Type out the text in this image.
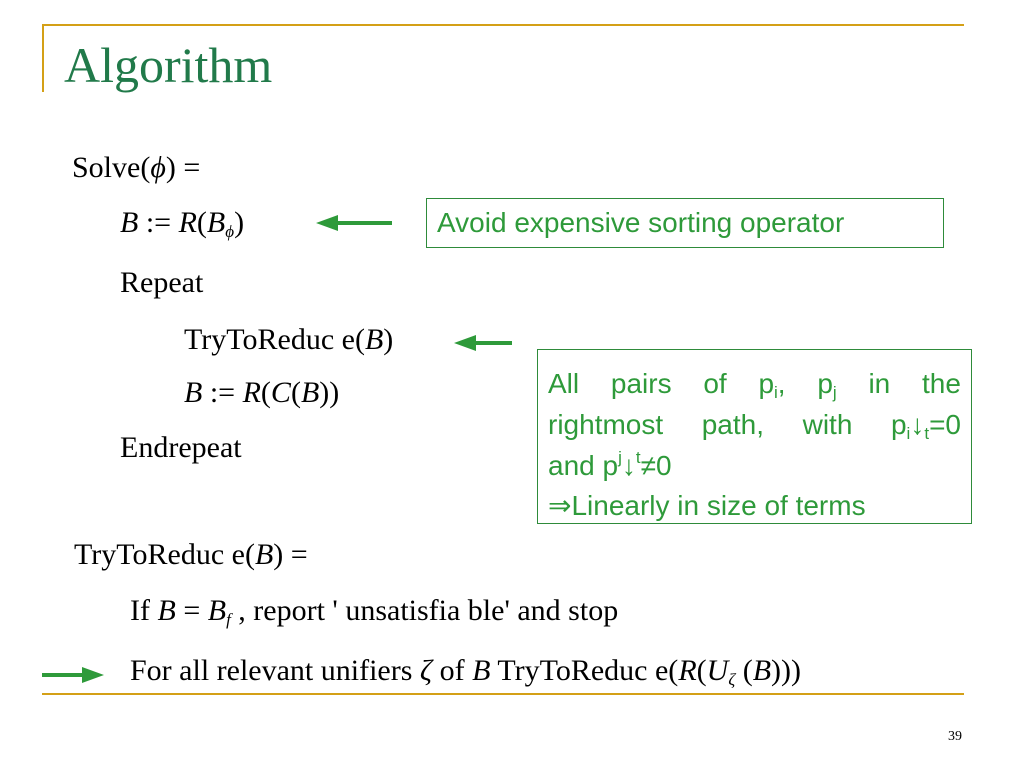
Algorithm
Solve(ϕ) =
B := $R(B_\phi)$	Avoid expensive sorting operator
Repeat
TryToReduc e(B)
B := R(C(B))
Endrepeat
All pairs of $p_i$, $p_j$ in the
rightmost path, with $p_i↓_t=0$
and p j ↓ t ≠0
⇒ Linearly in size of terms
TryToReduc e(B) =
If $B = B_f$ , report ' unsatisfia ble' and stop
For all relevant unifiers ζ of B TryToReduc $e(R(U_\zeta$ (B)))
39
